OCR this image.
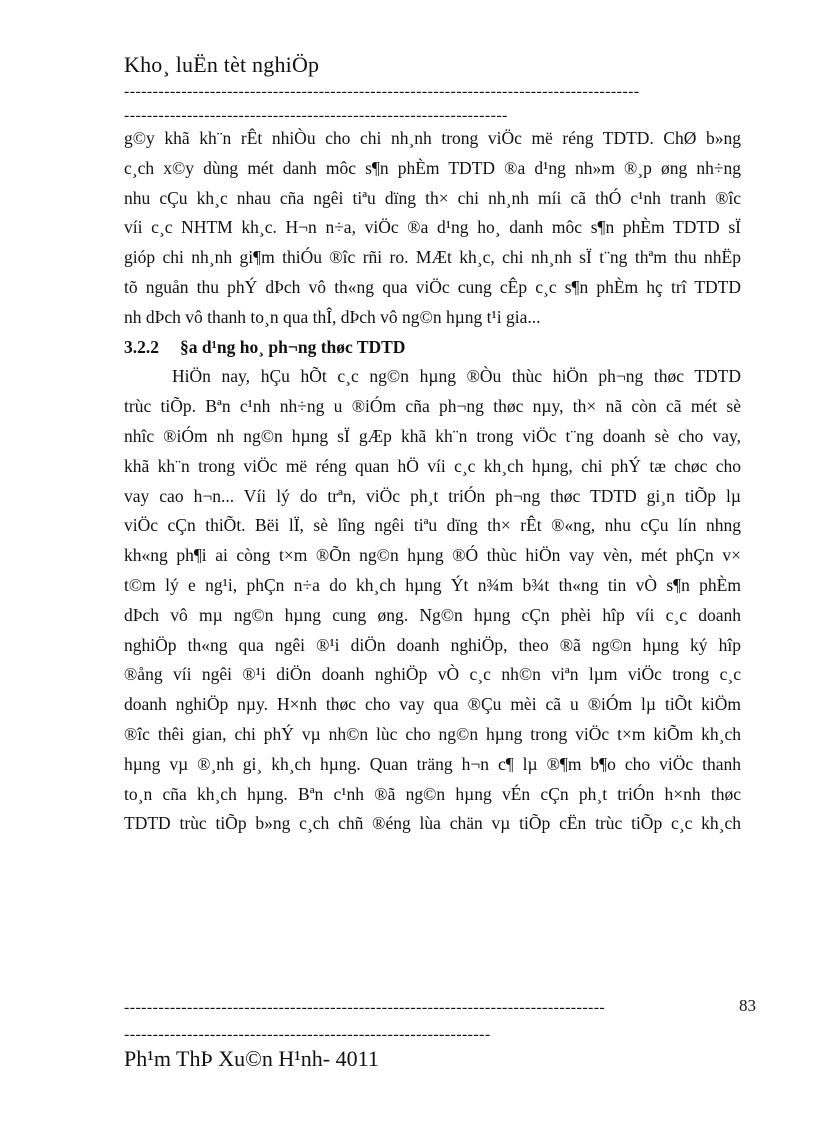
Kho¸ luËn tèt nghiÖp
------------------------------------------------------------------------------------------
-------------------------------------------------------------------
g©y khã kh¨n rÊt nhiÒu cho chi nh¸nh trong viÖc më réng TDTD. ChØ b»ng
c¸ch x©y dùng mét danh môc s¶n phÈm TDTD ®a d¹ng nh»m ®¸p øng nh÷ng
nhu cÇu kh¸c nhau cña ngêi tiªu dïng th× chi nh¸nh míi cã thÓ c¹nh tranh ®îc
víi c¸c NHTM kh¸c. H¬n n÷a, viÖc ®a d¹ng ho¸ danh môc s¶n phÈm TDTD sÏ
gióp chi nh¸nh gi¶m thiÓu ®îc rñi ro. MÆt kh¸c, chi nh¸nh sÏ t¨ng thªm thu nhËp
tõ nguån thu phÝ dÞch vô th«ng qua viÖc cung cÊp c¸c s¶n phÈm hç trî TDTD
nh dÞch vô thanh to¸n qua thÎ, dÞch vô ng©n hµng t¹i gia...
3.2.2 §a d¹ng ho¸ ph¬ng thøc TDTD
HiÖn nay, hÇu hÕt c¸c ng©n hµng ®Òu thùc hiÖn ph¬ng thøc TDTD
trùc tiÕp. Bªn c¹nh nh÷ng u ®iÓm cña ph¬ng thøc nµy, th× nã còn cã mét sè
nhîc ®iÓm nh ng©n hµng sÏ gÆp khã kh¨n trong viÖc t¨ng doanh sè cho vay,
khã kh¨n trong viÖc më réng quan hÖ víi c¸c kh¸ch hµng, chi phÝ tæ chøc cho
vay cao h¬n... Víi lý do trªn, viÖc ph¸t triÓn ph¬ng thøc TDTD gi¸n tiÕp lµ
viÖc cÇn thiÕt. Bëi lÏ, sè lîng ngêi tiªu dïng th× rÊt ®«ng, nhu cÇu lín nhng
kh«ng ph¶i ai còng t×m ®Õn ng©n hµng ®Ó thùc hiÖn vay vèn, mét phÇn v×
t©m lý e ng¹i, phÇn n÷a do kh¸ch hµng Ýt n¾m b¾t th«ng tin vÒ s¶n phÈm
dÞch vô mµ ng©n hµng cung øng. Ng©n hµng cÇn phèi hîp víi c¸c doanh
nghiÖp th«ng qua ngêi ®¹i diÖn doanh nghiÖp, theo ®ã ng©n hµng ký hîp
®ång víi ngêi ®¹i diÖn doanh nghiÖp vÒ c¸c nh©n viªn lµm viÖc trong c¸c
doanh nghiÖp nµy. H×nh thøc cho vay qua ®Çu mèi cã u ®iÓm lµ tiÕt kiÖm
®îc thêi gian, chi phÝ vµ nh©n lùc cho ng©n hµng trong viÖc t×m kiÕm kh¸ch
hµng vµ ®¸nh gi¸ kh¸ch hµng. Quan träng h¬n c¶ lµ ®¶m b¶o cho viÖc thanh
to¸n cña kh¸ch hµng. Bªn c¹nh ®ã ng©n hµng vÉn cÇn ph¸t triÓn h×nh thøc
TDTD trùc tiÕp b»ng c¸ch chñ ®éng lùa chän vµ tiÕp cËn trùc tiÕp c¸c kh¸ch
------------------------------------------------------------------------------------	83
----------------------------------------------------------------
Ph¹m ThÞ Xu©n H¹nh- 4011
